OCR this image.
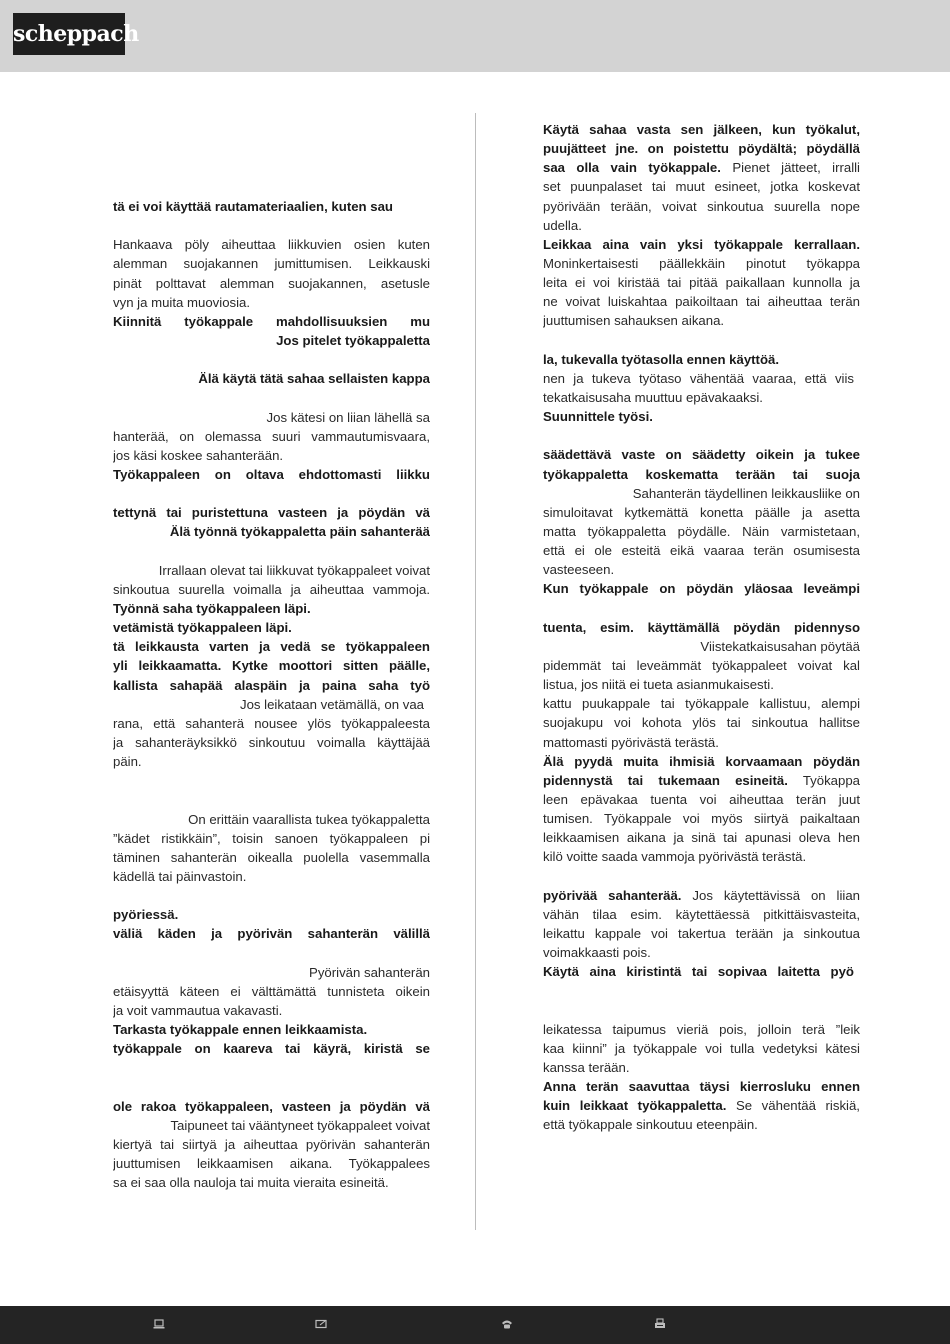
scheppach
tä ei voi käyttää rautamateriaalien, kuten sau
Hankaava pöly aiheuttaa liikkuvien osien kuten
alemman suojakannen jumittumisen. Leikkauski
pinät polttavat alemman suojakannen, asetusle
vyn ja muita muoviosia.
Kiinnitä työkappale mahdollisuuksien mu
Jos pitelet työkappaletta
Älä käytä tätä sahaa sellaisten kappa
Jos kätesi on liian lähellä sa
hanterää, on olemassa suuri vammautumisvaara,
jos käsi koskee sahanterään.
Työkappaleen on oltava ehdottomasti liikku
tettynä tai puristettuna vasteen ja pöydän vä
Älä työnnä työkappaletta päin sahanterää
Irrallaan olevat tai liikkuvat työkappaleet voivat
sinkoutua suurella voimalla ja aiheuttaa vammoja.
Työnnä saha työkappaleen läpi.
vetämistä työkappaleen läpi.
tä leikkausta varten ja vedä se työkappaleen
yli leikkaamatta. Kytke moottori sitten päälle,
kallista sahapää alaspäin ja paina saha työ
Jos leikataan vetämällä, on vaa
rana, että sahanterä nousee ylös työkappaleesta
ja sahanteräyksikkö sinkoutuu voimalla käyttäjää
päin.
On erittäin vaarallista tukea työkappaletta
”kädet ristikkäin”, toisin sanoen työkappaleen pi
täminen sahanterän oikealla puolella vasemmalla
kädellä tai päinvastoin.
pyöriessä.
väliä käden ja pyörivän sahanterän välillä
Pyörivän sahanterän
etäisyyttä käteen ei välttämättä tunnisteta oikein
ja voit vammautua vakavasti.
Tarkasta työkappale ennen leikkaamista.
työkappale on kaareva tai käyrä, kiristä se
ole rakoa työkappaleen, vasteen ja pöydän vä
Taipuneet tai vääntyneet työkappaleet voivat
kiertyä tai siirtyä ja aiheuttaa pyörivän sahanterän
juuttumisen leikkaamisen aikana. Työkappalees
sa ei saa olla nauloja tai muita vieraita esineitä.
Käytä sahaa vasta sen jälkeen, kun työkalut,
puujätteet jne. on poistettu pöydältä; pöydällä
saa olla vain työkappale. Pienet jätteet, irralli
set puunpalaset tai muut esineet, jotka koskevat
pyörivään terään, voivat sinkoutua suurella nope
udella.
Leikkaa aina vain yksi työkappale kerrallaan.
Moninkertaisesti päällekkäin pinotut työkappa
leita ei voi kiristää tai pitää paikallaan kunnolla ja
ne voivat luiskahtaa paikoiltaan tai aiheuttaa terän
juuttumisen sahauksen aikana.
la, tukevalla työtasolla ennen käyttöä.
nen ja tukeva työtaso vähentää vaaraa, että viis
tekatkaisusaha muuttuu epävakaaksi.
Suunnittele työsi.
säädettävä vaste on säädetty oikein ja tukee
työkappaletta koskematta terään tai suoja
Sahanterän täydellinen leikkausliike on
simuloitavat kytkemättä konetta päälle ja asetta
matta työkappaletta pöydälle. Näin varmistetaan,
että ei ole esteitä eikä vaaraa terän osumisesta
vasteeseen.
Kun työkappale on pöydän yläosaa leveämpi
tuenta, esim. käyttämällä pöydän pidennyso
Viistekatkaisusahan pöytää
pidemmät tai leveämmät työkappaleet voivat kal
listua, jos niitä ei tueta asianmukaisesti.
kattu puukappale tai työkappale kallistuu, alempi
suojakupu voi kohota ylös tai sinkoutua hallitse
mattomasti pyörivästä terästä.
Älä pyydä muita ihmisiä korvaamaan pöydän
pidennystä tai tukemaan esineitä. Työkappa
leen epävakaa tuenta voi aiheuttaa terän juut
tumisen. Työkappale voi myös siirtyä paikaltaan
leikkaamisen aikana ja sinä tai apunasi oleva hen
kilö voitte saada vammoja pyörivästä terästä.
pyörivää sahanterää. Jos käytettävissä on liian
vähän tilaa esim. käytettäessä pitkittäisvasteita,
leikattu kappale voi takertua terään ja sinkoutua
voimakkaasti pois.
Käytä aina kiristintä tai sopivaa laitetta pyö
leikatessa taipumus vieriä pois, jolloin terä ”leik
kaa kiinni” ja työkappale voi tulla vedetyksi kätesi
kanssa terään.
Anna terän saavuttaa täysi kierrosluku ennen
kuin leikkaat työkappaletta. Se vähentää riskiä,
että työkappale sinkoutuu eteenpäin.
